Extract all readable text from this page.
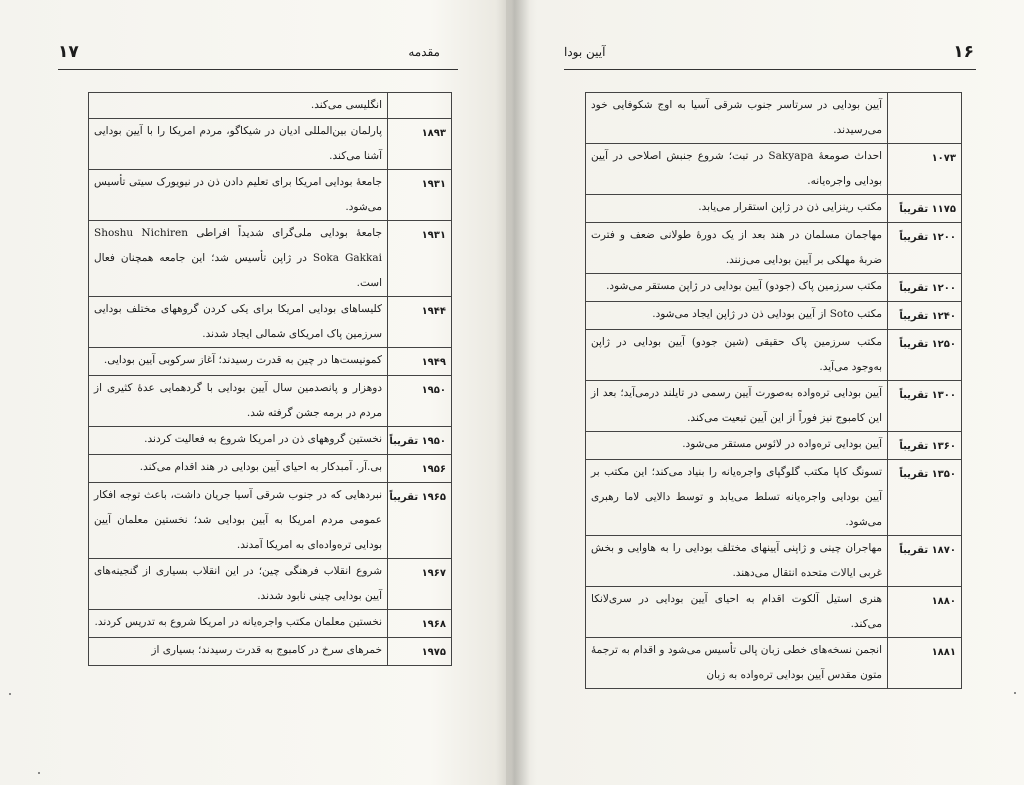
۱۷	مقدمه
	انگلیسی می‌کند.
۱۸۹۳	پارلمان بین‌المللی ادیان در شیکاگو، مردم امریکا را با آیین بودایی آشنا می‌کند.
۱۹۳۱	جامعهٔ بودایی امریکا برای تعلیم دادن ذن در نیویورک سیتی تأسیس می‌شود.
۱۹۳۱	جامعهٔ بودایی ملی‌گرای شدیداً افراطی Shoshu Nichiren Soka Gakkai در ژاپن تأسیس شد؛ این جامعه همچنان فعال است.
۱۹۴۴	کلیساهای بودایی امریکا برای یکی کردن گروههای مختلف بودایی سرزمین پاک امریکای شمالی ایجاد شدند.
۱۹۴۹	کمونیست‌ها در چین به قدرت رسیدند؛ آغاز سرکوبی آیین بودایی.
۱۹۵۰	دوهزار و پانصدمین سال آیین بودایی با گردهمایی عدهٔ کثیری از مردم در برمه جشن گرفته شد.
۱۹۵۰ تقریباً	نخستین گروههای ذن در امریکا شروع به فعالیت کردند.
۱۹۵۶	بی.آر. آمبدکار به احیای آیین بودایی در هند اقدام می‌کند.
۱۹۶۵ تقریباً	نبردهایی که در جنوب شرقی آسیا جریان داشت، باعث توجه افکار عمومی مردم امریکا به آیین بودایی شد؛ نخستین معلمان آیین بودایی تره‌واده‌ای به امریکا آمدند.
۱۹۶۷	شروع انقلاب فرهنگی چین؛ در این انقلاب بسیاری از گنجینه‌های آیین بودایی چینی نابود شدند.
۱۹۶۸	نخستین معلمان مکتب واجره‌یانه در امریکا شروع به تدریس کردند.
۱۹۷۵	خمرهای سرخ در کامبوج به قدرت رسیدند؛ بسیاری از
آیین بودا	۱۶
	آیین بودایی در سرتاسر جنوب شرقی آسیا به اوج شکوفایی خود می‌رسیدند.
۱۰۷۳	احداث صومعهٔ Sakyapa در تبت؛ شروع جنبش اصلاحی در آیین بودایی واجره‌یانه.
۱۱۷۵ تقریباً	مکتب رینزایی ذن در ژاپن استقرار می‌یابد.
۱۲۰۰ تقریباً	مهاجمان مسلمان در هند بعد از یک دورهٔ طولانی ضعف و فترت ضربهٔ مهلکی بر آیین بودایی می‌زنند.
۱۲۰۰ تقریباً	مکتب سرزمین پاک (جودو) آیین بودایی در ژاپن مستقر می‌شود.
۱۲۴۰ تقریباً	مکتب Soto از آیین بودایی ذن در ژاپن ایجاد می‌شود.
۱۲۵۰ تقریباً	مکتب سرزمین پاک حقیقی (شین جودو) آیین بودایی در ژاپن به‌وجود می‌آید.
۱۳۰۰ تقریباً	آیین بودایی تره‌واده به‌صورت آیین رسمی در تایلند درمی‌آید؛ بعد از این کامبوج نیز فوراً از این آیین تبعیت می‌کند.
۱۳۶۰ تقریباً	آیین بودایی تره‌واده در لائوس مستقر می‌شود.
۱۳۵۰ تقریباً	تسونگ کاپا مکتب گلوگپای واجره‌یانه را بنیاد می‌کند؛ این مکتب بر آیین بودایی واجره‌یانه تسلط می‌یابد و توسط دالایی لاما رهبری می‌شود.
۱۸۷۰ تقریباً	مهاجران چینی و ژاپنی آیینهای مختلف بودایی را به هاوایی و بخش غربی ایالات متحده انتقال می‌دهند.
۱۸۸۰	هنری استیل آلکوت اقدام به احیای آیین بودایی در سری‌لانکا می‌کند.
۱۸۸۱	انجمن نسخه‌های خطی زبان پالی تأسیس می‌شود و اقدام به ترجمهٔ متون مقدس آیین بودایی تره‌واده به زبان
